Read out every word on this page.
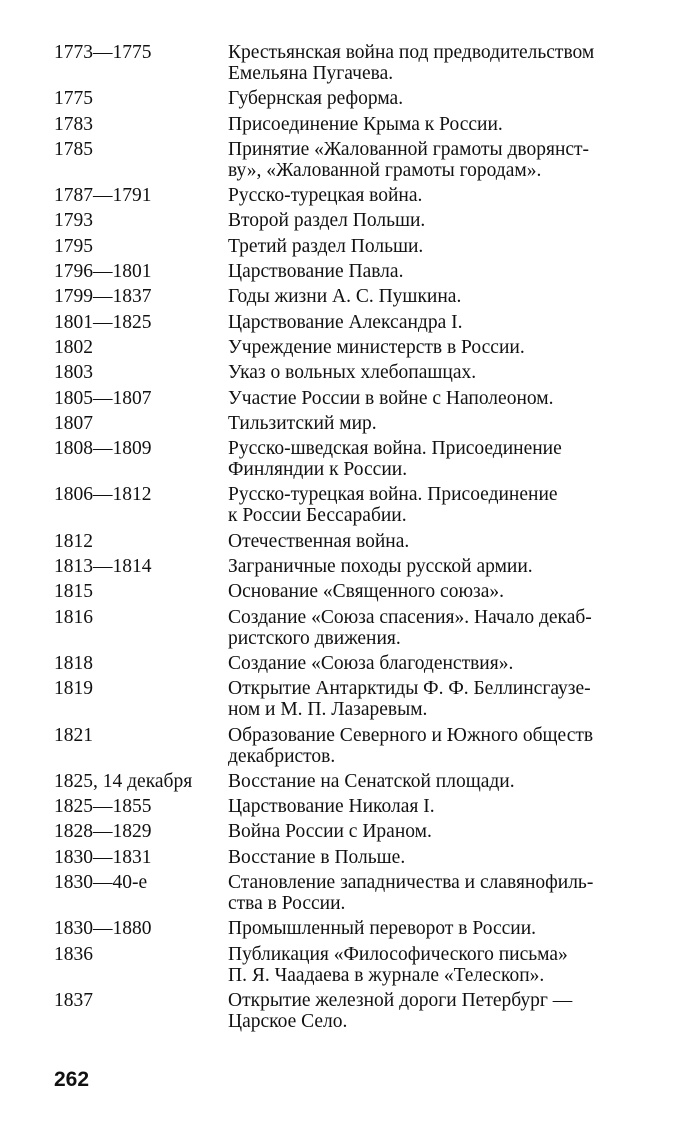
1773—1775	Крестьянская война под предводительством
Емельяна Пугачева.
1775	Губернская реформа.
1783	Присоединение Крыма к России.
1785	Принятие «Жалованной грамоты дворянст-
ву», «Жалованной грамоты городам».
1787—1791	Русско-турецкая война.
1793	Второй раздел Польши.
1795	Третий раздел Польши.
1796—1801	Царствование Павла.
1799—1837	Годы жизни А. С. Пушкина.
1801—1825	Царствование Александра I.
1802	Учреждение министерств в России.
1803	Указ о вольных хлебопашцах.
1805—1807	Участие России в войне с Наполеоном.
1807	Тильзитский мир.
1808—1809	Русско-шведская война. Присоединение
Финляндии к России.
1806—1812	Русско-турецкая война. Присоединение
к России Бессарабии.
1812	Отечественная война.
1813—1814	Заграничные походы русской армии.
1815	Основание «Священного союза».
1816	Создание «Союза спасения». Начало декаб-
ристского движения.
1818	Создание «Союза благоденствия».
1819	Открытие Антарктиды Ф. Ф. Беллинсгаузе-
ном и М. П. Лазаревым.
1821	Образование Северного и Южного обществ
декабристов.
1825, 14 декабря	Восстание на Сенатской площади.
1825—1855	Царствование Николая I.
1828—1829	Война России с Ираном.
1830—1831	Восстание в Польше.
1830—40-е	Становление западничества и славянофиль-
ства в России.
1830—1880	Промышленный переворот в России.
1836	Публикация «Философического письма»
П. Я. Чаадаева в журнале «Телескоп».
1837	Открытие железной дороги Петербург —
Царское Село.
262
